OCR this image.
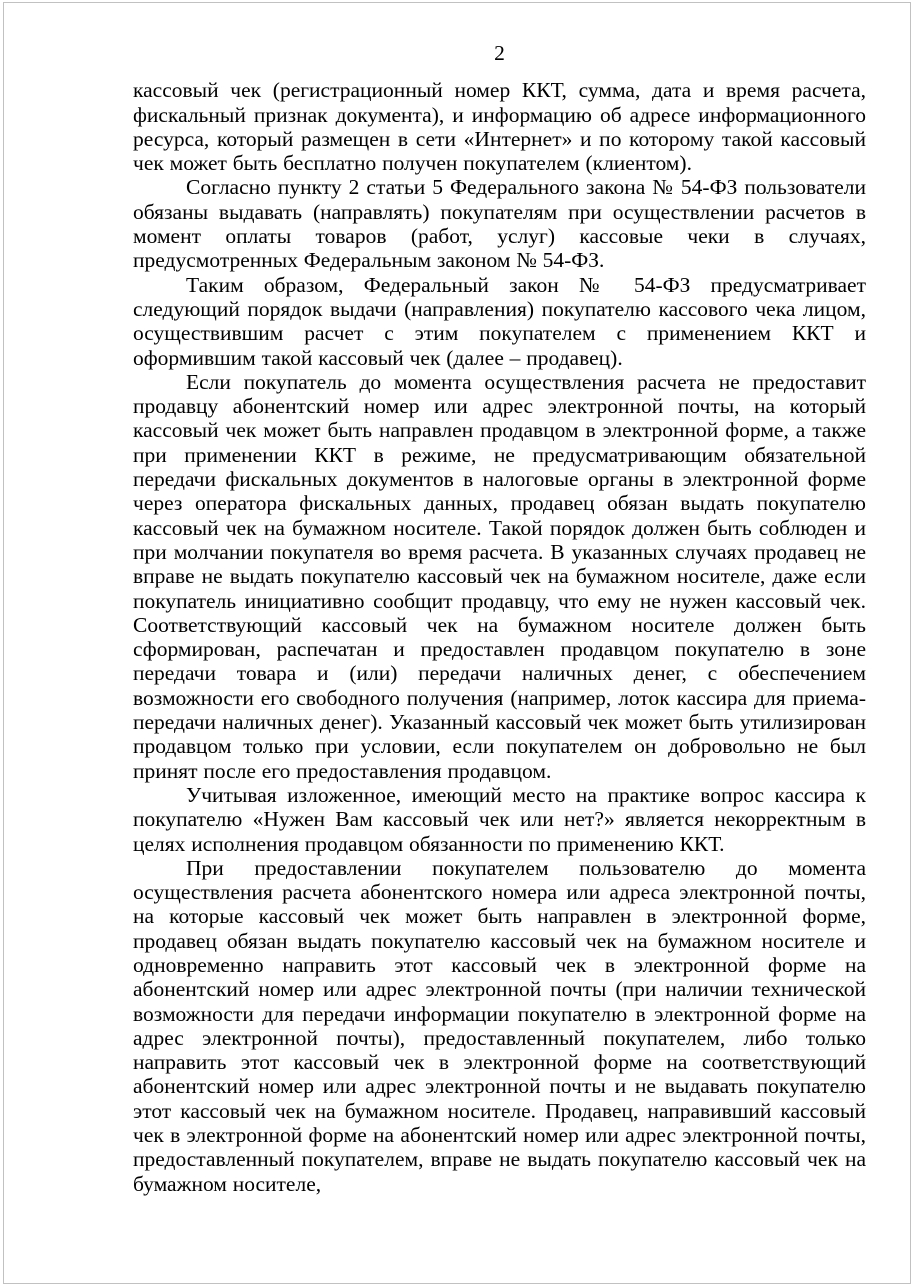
2

кассовый чек (регистрационный номер ККТ, сумма, дата и время расчета, фискальный признак документа), и информацию об адресе информационного ресурса, который размещен в сети «Интернет» и по которому такой кассовый чек может быть бесплатно получен покупателем (клиентом).

Согласно пункту 2 статьи 5 Федерального закона № 54-ФЗ пользователи обязаны выдавать (направлять) покупателям при осуществлении расчетов в момент оплаты товаров (работ, услуг) кассовые чеки в случаях, предусмотренных Федеральным законом № 54-ФЗ.

Таким образом, Федеральный закон № 54-ФЗ предусматривает следующий порядок выдачи (направления) покупателю кассового чека лицом, осуществившим расчет с этим покупателем с применением ККТ и оформившим такой кассовый чек (далее – продавец).

Если покупатель до момента осуществления расчета не предоставит продавцу абонентский номер или адрес электронной почты, на который кассовый чек может быть направлен продавцом в электронной форме, а также при применении ККТ в режиме, не предусматривающим обязательной передачи фискальных документов в налоговые органы в электронной форме через оператора фискальных данных, продавец обязан выдать покупателю кассовый чек на бумажном носителе. Такой порядок должен быть соблюден и при молчании покупателя во время расчета. В указанных случаях продавец не вправе не выдать покупателю кассовый чек на бумажном носителе, даже если покупатель инициативно сообщит продавцу, что ему не нужен кассовый чек. Соответствующий кассовый чек на бумажном носителе должен быть сформирован, распечатан и предоставлен продавцом покупателю в зоне передачи товара и (или) передачи наличных денег, с обеспечением возможности его свободного получения (например, лоток кассира для приема-передачи наличных денег). Указанный кассовый чек может быть утилизирован продавцом только при условии, если покупателем он добровольно не был принят после его предоставления продавцом.

Учитывая изложенное, имеющий место на практике вопрос кассира к покупателю «Нужен Вам кассовый чек или нет?» является некорректным в целях исполнения продавцом обязанности по применению ККТ.

При предоставлении покупателем пользователю до момента осуществления расчета абонентского номера или адреса электронной почты, на которые кассовый чек может быть направлен в электронной форме, продавец обязан выдать покупателю кассовый чек на бумажном носителе и одновременно направить этот кассовый чек в электронной форме на абонентский номер или адрес электронной почты (при наличии технической возможности для передачи информации покупателю в электронной форме на адрес электронной почты), предоставленный покупателем, либо только направить этот кассовый чек в электронной форме на соответствующий абонентский номер или адрес электронной почты и не выдавать покупателю этот кассовый чек на бумажном носителе. Продавец, направивший кассовый чек в электронной форме на абонентский номер или адрес электронной почты, предоставленный покупателем, вправе не выдать покупателю кассовый чек на бумажном носителе,
